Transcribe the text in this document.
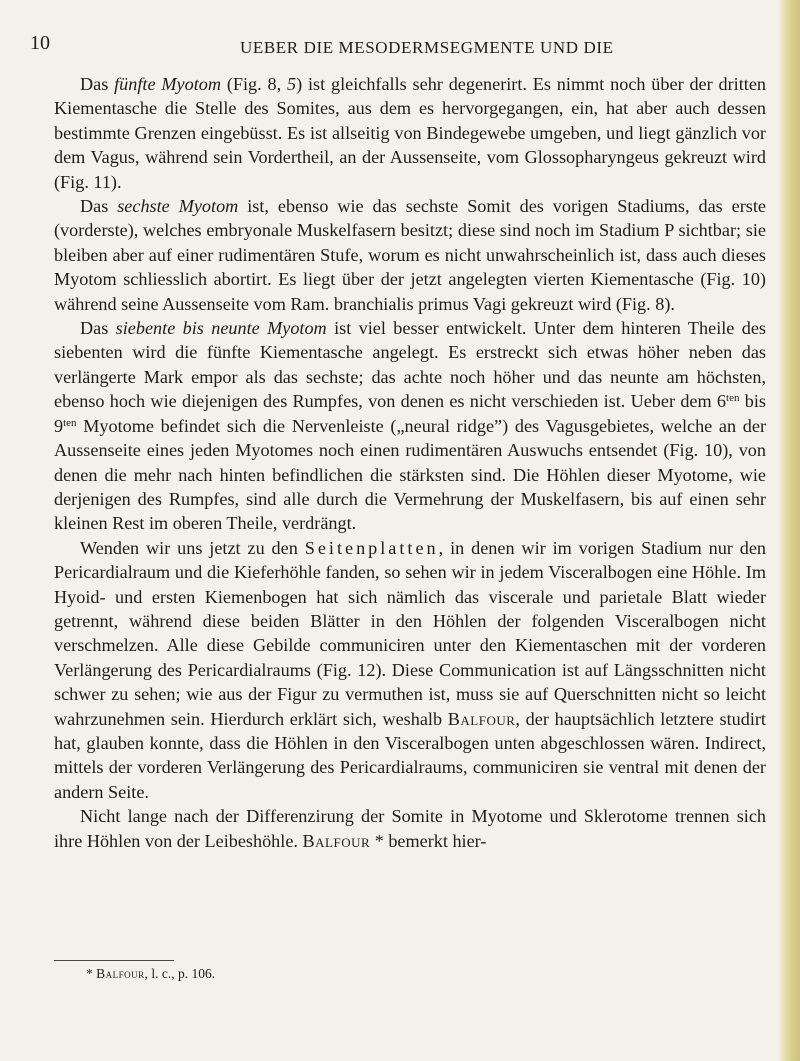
10	UEBER DIE MESODERMSEGMENTE UND DIE

Das fünfte Myotom (Fig. 8, 5) ist gleichfalls sehr degenerirt. Es nimmt noch über der dritten Kiementasche die Stelle des Somites, aus dem es hervorgegangen, ein, hat aber auch dessen bestimmte Grenzen eingebüsst. Es ist allseitig von Bindegewebe umgeben, und liegt gänzlich vor dem Vagus, während sein Vordertheil, an der Aussenseite, vom Glossopharyngeus gekreuzt wird (Fig. 11).

Das sechste Myotom ist, ebenso wie das sechste Somit des vorigen Stadiums, das erste (vorderste), welches embryonale Muskelfasern besitzt; diese sind noch im Stadium P sichtbar; sie bleiben aber auf einer rudimentären Stufe, worum es nicht unwahrscheinlich ist, dass auch dieses Myotom schliesslich abortirt. Es liegt über der jetzt angelegten vierten Kiementasche (Fig. 10) während seine Aussenseite vom Ram. branchialis primus Vagi gekreuzt wird (Fig. 8).

Das siebente bis neunte Myotom ist viel besser entwickelt. Unter dem hinteren Theile des siebenten wird die fünfte Kiementasche angelegt. Es erstreckt sich etwas höher neben das verlängerte Mark empor als das sechste; das achte noch höher und das neunte am höchsten, ebenso hoch wie diejenigen des Rumpfes, von denen es nicht verschieden ist. Ueber dem $6^{ten}$ bis $9^{ten}$ Myotome befindet sich die Nervenleiste („neural ridge”) des Vagusgebietes, welche an der Aussenseite eines jeden Myotomes noch einen rudimentären Auswuchs entsendet (Fig. 10), von denen die mehr nach hinten befindlichen die stärksten sind. Die Höhlen dieser Myotome, wie derjenigen des Rumpfes, sind alle durch die Vermehrung der Muskelfasern, bis auf einen sehr kleinen Rest im oberen Theile, verdrängt.

Wenden wir uns jetzt zu den Seitenplatten, in denen wir im vorigen Stadium nur den Pericardialraum und die Kieferhöhle fanden, so sehen wir in jedem Visceralbogen eine Höhle. Im Hyoid- und ersten Kiemenbogen hat sich nämlich das viscerale und parietale Blatt wieder getrennt, während diese beiden Blätter in den Höhlen der folgenden Visceralbogen nicht verschmelzen. Alle diese Gebilde communiciren unter den Kiementaschen mit der vorderen Verlängerung des Pericardialraums (Fig. 12). Diese Communication ist auf Längsschnitten nicht schwer zu sehen; wie aus der Figur zu vermuthen ist, muss sie auf Querschnitten nicht so leicht wahrzunehmen sein. Hierdurch erklärt sich, weshalb Balfour, der hauptsächlich letztere studirt hat, glauben konnte, dass die Höhlen in den Visceralbogen unten abgeschlossen wären. Indirect, mittels der vorderen Verlängerung des Pericardialraums, communiciren sie ventral mit denen der andern Seite.

Nicht lange nach der Differenzirung der Somite in Myotome und Sklerotome trennen sich ihre Höhlen von der Leibeshöhle. Balfour * bemerkt hier-

* Balfour, l. c., p. 106.
